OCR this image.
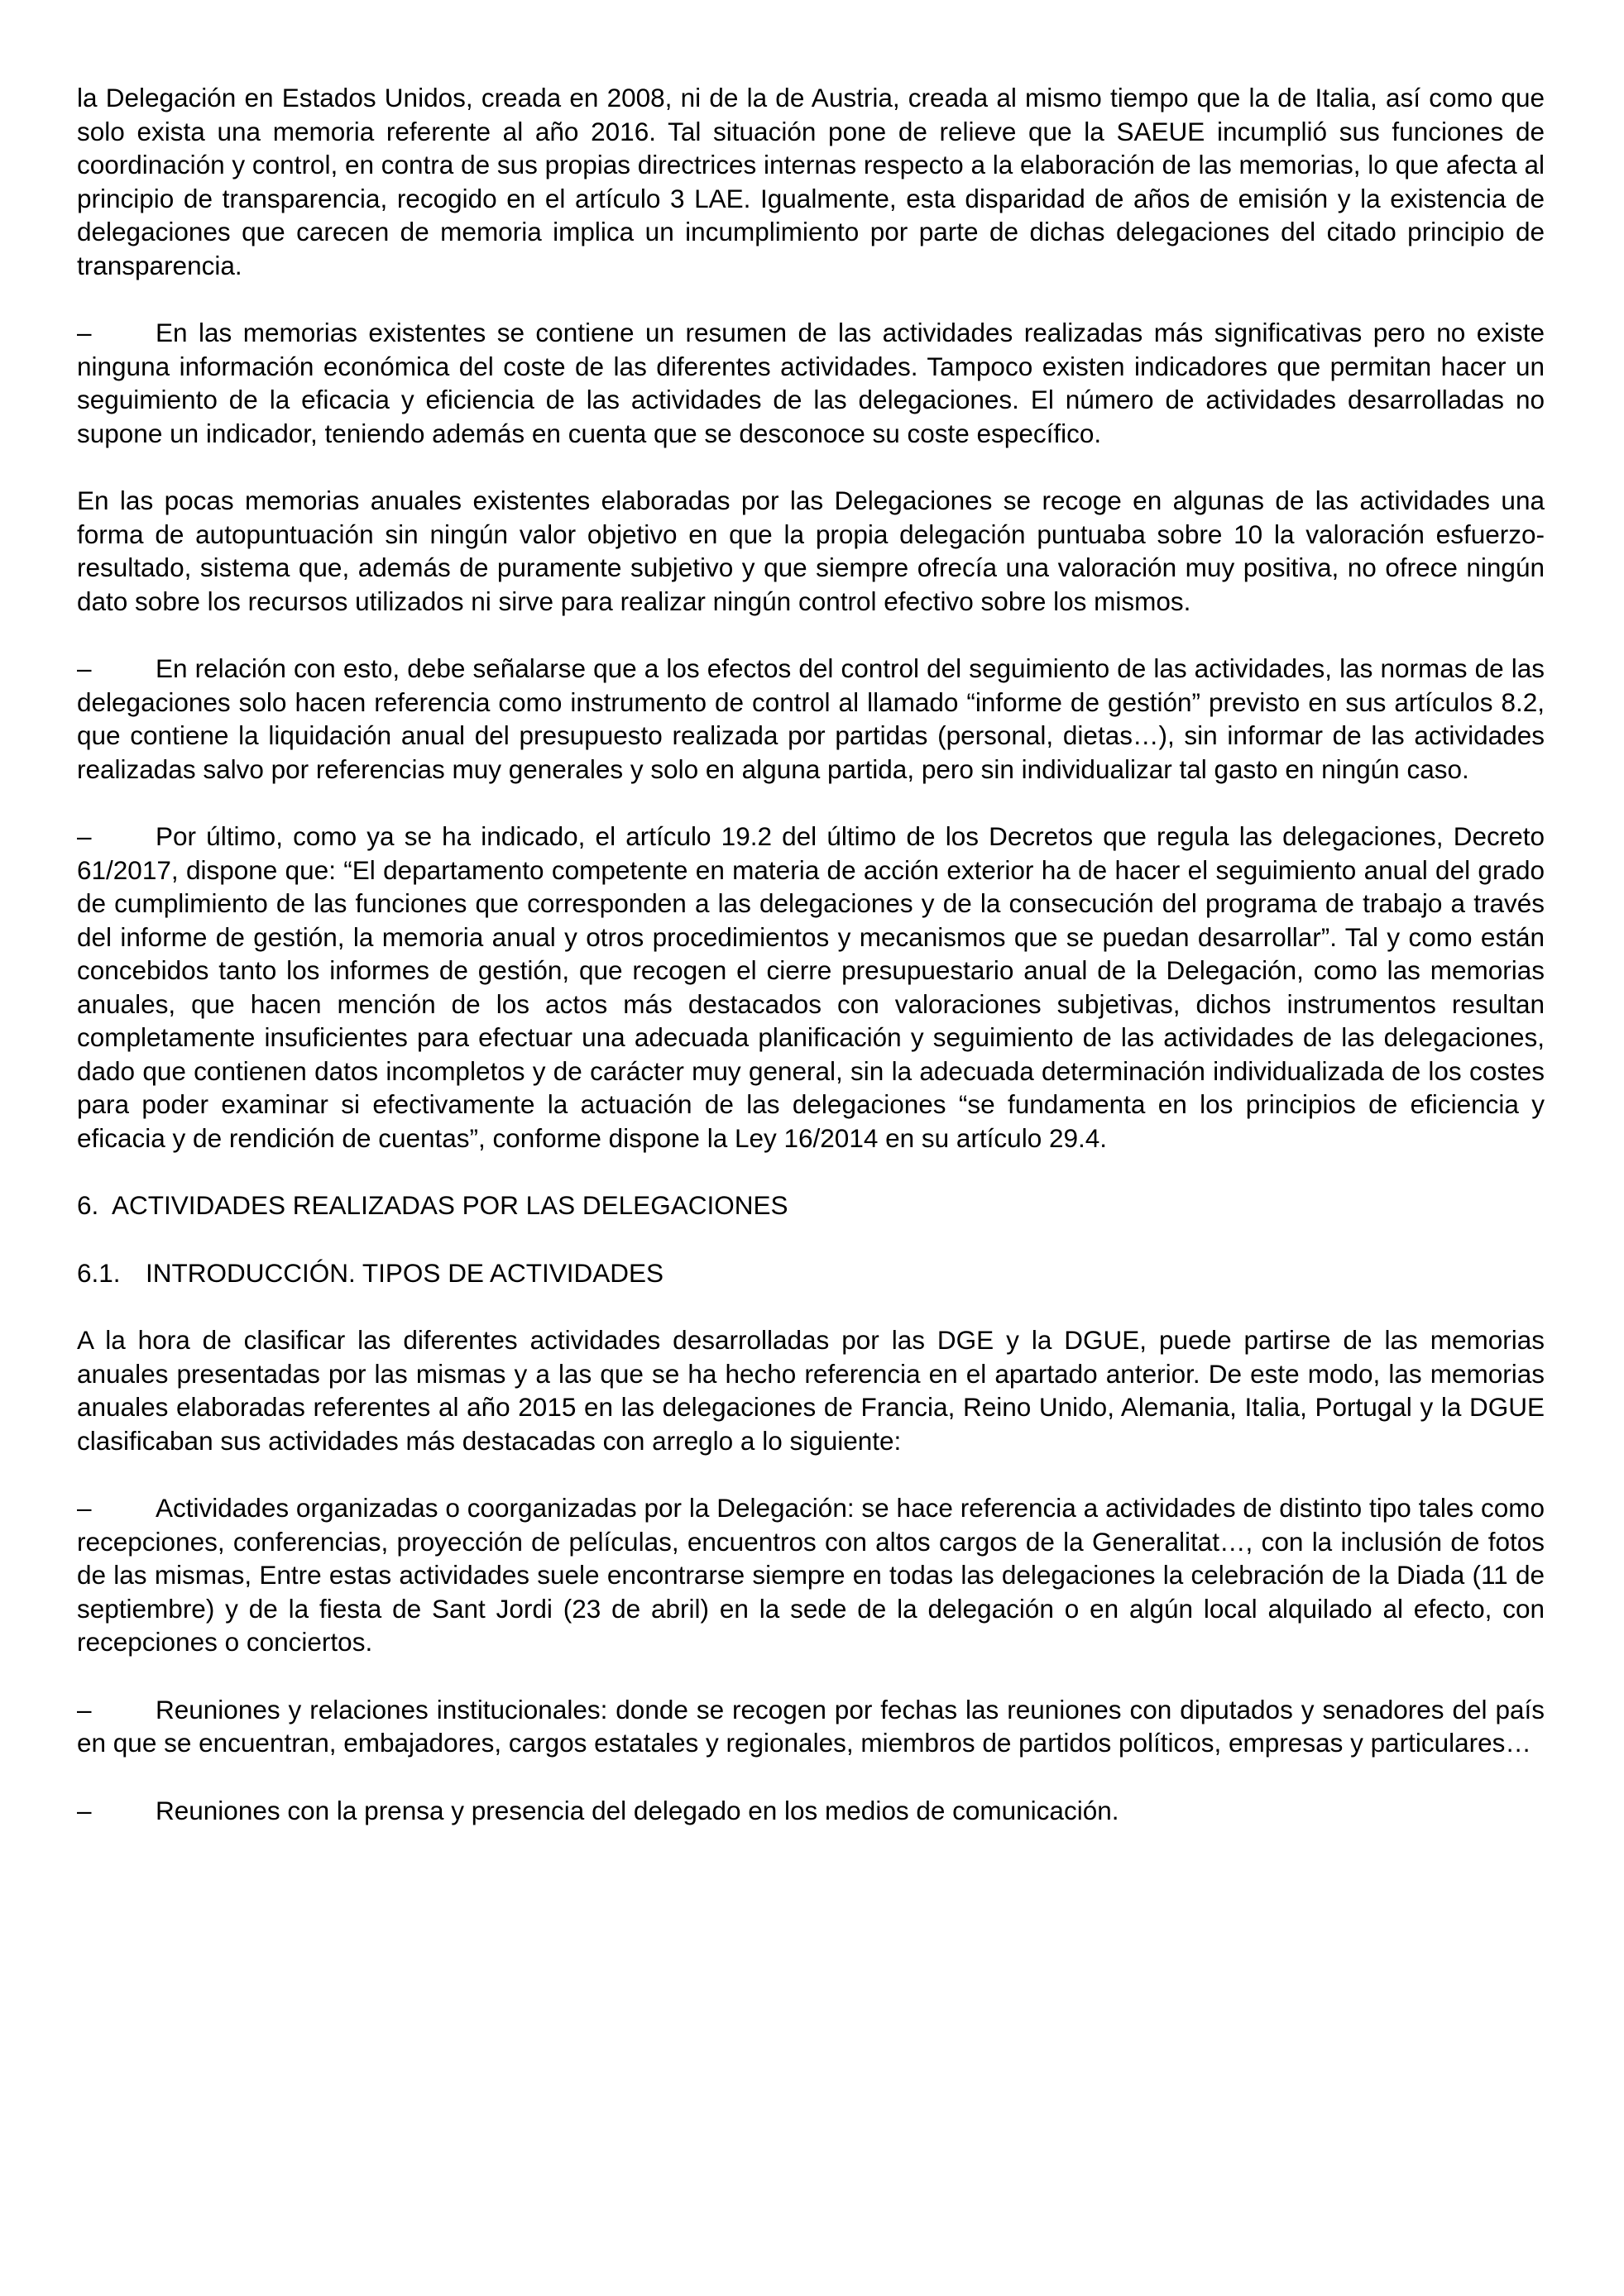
la Delegación en Estados Unidos, creada en 2008, ni de la de Austria, creada al mismo tiempo que la de Italia, así como que solo exista una memoria referente al año 2016. Tal situación pone de relieve que la SAEUE incumplió sus funciones de coordinación y control, en contra de sus propias directrices internas respecto a la elaboración de las memorias, lo que afecta al principio de transparencia, recogido en el artículo 3 LAE. Igualmente, esta disparidad de años de emisión y la existencia de delegaciones que carecen de memoria implica un incumplimiento por parte de dichas delegaciones del citado principio de transparencia.

– En las memorias existentes se contiene un resumen de las actividades realizadas más significativas pero no existe ninguna información económica del coste de las diferentes actividades. Tampoco existen indicadores que permitan hacer un seguimiento de la eficacia y eficiencia de las actividades de las delegaciones. El número de actividades desarrolladas no supone un indicador, teniendo además en cuenta que se desconoce su coste específico.

En las pocas memorias anuales existentes elaboradas por las Delegaciones se recoge en algunas de las actividades una forma de autopuntuación sin ningún valor objetivo en que la propia delegación puntuaba sobre 10 la valoración esfuerzo-resultado, sistema que, además de puramente subjetivo y que siempre ofrecía una valoración muy positiva, no ofrece ningún dato sobre los recursos utilizados ni sirve para realizar ningún control efectivo sobre los mismos.

– En relación con esto, debe señalarse que a los efectos del control del seguimiento de las actividades, las normas de las delegaciones solo hacen referencia como instrumento de control al llamado “informe de gestión” previsto en sus artículos 8.2, que contiene la liquidación anual del presupuesto realizada por partidas (personal, dietas…), sin informar de las actividades realizadas salvo por referencias muy generales y solo en alguna partida, pero sin individualizar tal gasto en ningún caso.

– Por último, como ya se ha indicado, el artículo 19.2 del último de los Decretos que regula las delegaciones, Decreto 61/2017, dispone que: “El departamento competente en materia de acción exterior ha de hacer el seguimiento anual del grado de cumplimiento de las funciones que corresponden a las delegaciones y de la consecución del programa de trabajo a través del informe de gestión, la memoria anual y otros procedimientos y mecanismos que se puedan desarrollar”. Tal y como están concebidos tanto los informes de gestión, que recogen el cierre presupuestario anual de la Delegación, como las memorias anuales, que hacen mención de los actos más destacados con valoraciones subjetivas, dichos instrumentos resultan completamente insuficientes para efectuar una adecuada planificación y seguimiento de las actividades de las delegaciones, dado que contienen datos incompletos y de carácter muy general, sin la adecuada determinación individualizada de los costes para poder examinar si efectivamente la actuación de las delegaciones “se fundamenta en los principios de eficiencia y eficacia y de rendición de cuentas”, conforme dispone la Ley 16/2014 en su artículo 29.4.

6. ACTIVIDADES REALIZADAS POR LAS DELEGACIONES
6.1. INTRODUCCIÓN. TIPOS DE ACTIVIDADES

A la hora de clasificar las diferentes actividades desarrolladas por las DGE y la DGUE, puede partirse de las memorias anuales presentadas por las mismas y a las que se ha hecho referencia en el apartado anterior. De este modo, las memorias anuales elaboradas referentes al año 2015 en las delegaciones de Francia, Reino Unido, Alemania, Italia, Portugal y la DGUE clasificaban sus actividades más destacadas con arreglo a lo siguiente:

– Actividades organizadas o coorganizadas por la Delegación: se hace referencia a actividades de distinto tipo tales como recepciones, conferencias, proyección de películas, encuentros con altos cargos de la Generalitat…, con la inclusión de fotos de las mismas, Entre estas actividades suele encontrarse siempre en todas las delegaciones la celebración de la Diada (11 de septiembre) y de la fiesta de Sant Jordi (23 de abril) en la sede de la delegación o en algún local alquilado al efecto, con recepciones o conciertos.

– Reuniones y relaciones institucionales: donde se recogen por fechas las reuniones con diputados y senadores del país en que se encuentran, embajadores, cargos estatales y regionales, miembros de partidos políticos, empresas y particulares…

– Reuniones con la prensa y presencia del delegado en los medios de comunicación.
